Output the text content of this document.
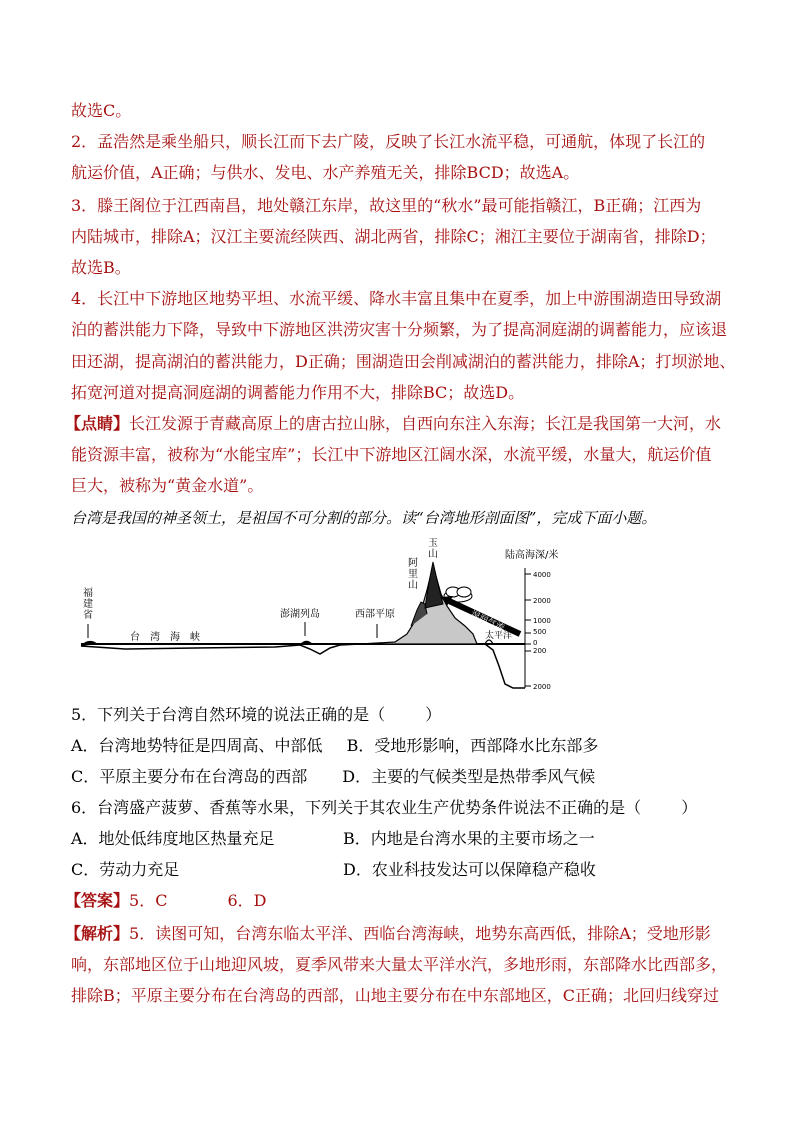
故选C。
2．孟浩然是乘坐船只，顺长江而下去广陵，反映了长江水流平稳，可通航，体现了长江的
航运价值，A正确；与供水、发电、水产养殖无关，排除BCD；故选A。
3．滕王阁位于江西南昌，地处赣江东岸，故这里的“秋水”最可能指赣江，B正确；江西为
内陆城市，排除A；汉江主要流经陕西、湖北两省，排除C；湘江主要位于湖南省，排除D；
故选B。
4．长江中下游地区地势平坦、水流平缓、降水丰富且集中在夏季，加上中游围湖造田导致湖
泊的蓄洪能力下降，导致中下游地区洪涝灾害十分频繁，为了提高洞庭湖的调蓄能力，应该退
田还湖，提高湖泊的蓄洪能力，D正确；围湖造田会削减湖泊的蓄洪能力，排除A；打坝淤地、
拓宽河道对提高洞庭湖的调蓄能力作用不大，排除BC；故选D。
【点睛】长江发源于青藏高原上的唐古拉山脉，自西向东注入东海；长江是我国第一大河，水
能资源丰富，被称为“水能宝库”；长江中下游地区江阔水深，水流平缓，水量大，航运价值
巨大，被称为“黄金水道”。
台湾是我国的神圣领土，是祖国不可分割的部分。读“台湾地形剖面图”，完成下面小题。
4000
2000
1000
500
0
200
2000
陆高海深/米
湿润气流
福建省
台　湾　海　峡
澎湖列岛	西部平原
阿里山
玉山
太平洋
5．下列关于台湾自然环境的说法正确的是（	）
A．台湾地势特征是四周高、中部低 B．受地形影响，西部降水比东部多
C．平原主要分布在台湾岛的西部 D．主要的气候类型是热带季风气候
6．台湾盛产菠萝、香蕉等水果，下列关于其农业生产优势条件说法不正确的是（	）
A．地处低纬度地区热量充足	B．内地是台湾水果的主要市场之一
C．劳动力充足	D．农业科技发达可以保障稳产稳收
【答案】5．C	6．D
【解析】5．读图可知，台湾东临太平洋、西临台湾海峡，地势东高西低，排除A；受地形影
响，东部地区位于山地迎风坡，夏季风带来大量太平洋水汽，多地形雨，东部降水比西部多，
排除B；平原主要分布在台湾岛的西部，山地主要分布在中东部地区，C正确；北回归线穿过
